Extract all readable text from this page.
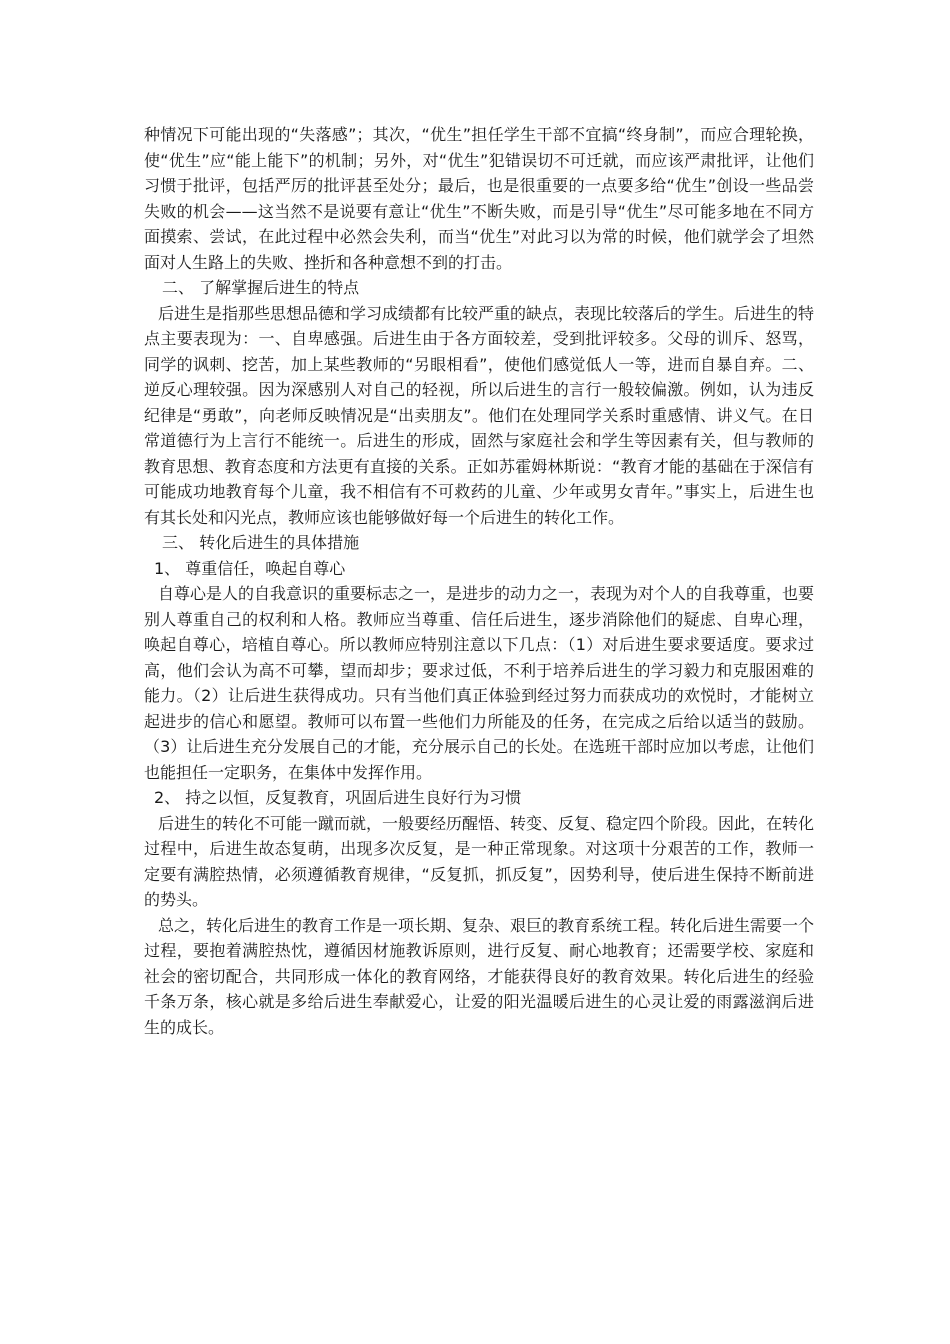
种情况下可能出现的“失落感”；其次，“优生”担任学生干部不宜搞“终身制”，而应合理轮换，使“优生”应“能上能下”的机制；另外，对“优生”犯错误切不可迁就，而应该严肃批评，让他们习惯于批评，包括严厉的批评甚至处分；最后，也是很重要的一点要多给“优生”创设一些品尝失败的机会——这当然不是说要有意让“优生”不断失败，而是引导“优生”尽可能多地在不同方面摸索、尝试，在此过程中必然会失利，而当“优生”对此习以为常的时候，他们就学会了坦然面对人生路上的失败、挫折和各种意想不到的打击。

二、 了解掌握后进生的特点

后进生是指那些思想品德和学习成绩都有比较严重的缺点，表现比较落后的学生。后进生的特点主要表现为：一、自卑感强。后进生由于各方面较差，受到批评较多。父母的训斥、怒骂，同学的讽刺、挖苦，加上某些教师的“另眼相看”，使他们感觉低人一等，进而自暴自弃。二、逆反心理较强。因为深感别人对自己的轻视，所以后进生的言行一般较偏激。例如，认为违反纪律是“勇敢”，向老师反映情况是“出卖朋友”。他们在处理同学关系时重感情、讲义气。在日常道德行为上言行不能统一。后进生的形成，固然与家庭社会和学生等因素有关，但与教师的教育思想、教育态度和方法更有直接的关系。正如苏霍姆林斯说：“教育才能的基础在于深信有可能成功地教育每个儿童，我不相信有不可救药的儿童、少年或男女青年。”事实上，后进生也有其长处和闪光点，教师应该也能够做好每一个后进生的转化工作。

三、 转化后进生的具体措施

1、 尊重信任，唤起自尊心

自尊心是人的自我意识的重要标志之一，是进步的动力之一，表现为对个人的自我尊重，也要别人尊重自己的权利和人格。教师应当尊重、信任后进生，逐步消除他们的疑虑、自卑心理，唤起自尊心，培植自尊心。所以教师应特别注意以下几点：（1）对后进生要求要适度。要求过高，他们会认为高不可攀，望而却步；要求过低，不利于培养后进生的学习毅力和克服困难的能力。（2）让后进生获得成功。只有当他们真正体验到经过努力而获成功的欢悦时，才能树立起进步的信心和愿望。教师可以布置一些他们力所能及的任务，在完成之后给以适当的鼓励。（3）让后进生充分发展自己的才能，充分展示自己的长处。在选班干部时应加以考虑，让他们也能担任一定职务，在集体中发挥作用。

2、 持之以恒，反复教育，巩固后进生良好行为习惯

后进生的转化不可能一蹴而就，一般要经历醒悟、转变、反复、稳定四个阶段。因此，在转化过程中，后进生故态复萌，出现多次反复，是一种正常现象。对这项十分艰苦的工作，教师一定要有满腔热情，必须遵循教育规律，“反复抓，抓反复”，因势利导，使后进生保持不断前进的势头。

总之，转化后进生的教育工作是一项长期、复杂、艰巨的教育系统工程。转化后进生需要一个过程，要抱着满腔热忱，遵循因材施教诉原则，进行反复、耐心地教育；还需要学校、家庭和社会的密切配合，共同形成一体化的教育网络，才能获得良好的教育效果。转化后进生的经验千条万条，核心就是多给后进生奉献爱心，让爱的阳光温暖后进生的心灵让爱的雨露滋润后进生的成长。
